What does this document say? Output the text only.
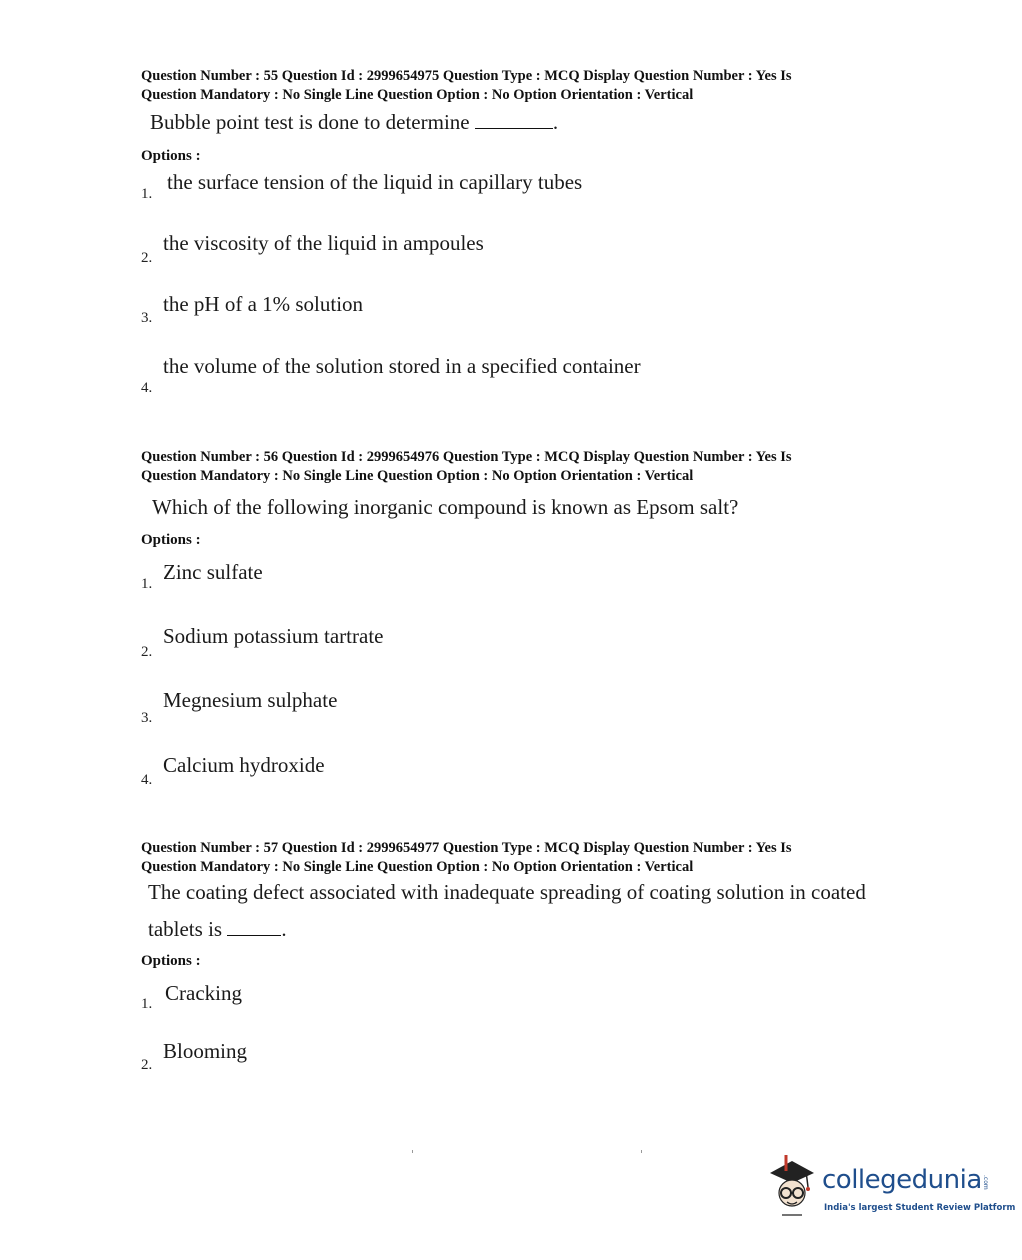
Question Number : 55 Question Id : 2999654975 Question Type : MCQ Display Question Number : Yes Is
Question Mandatory : No Single Line Question Option : No Option Orientation : Vertical
Bubble point test is done to determine	.
Options :
1. the surface tension of the liquid in capillary tubes
2.
the viscosity of the liquid in ampoules
3.
the pH of a 1% solution
4.
the volume of the solution stored in a specified container
Question Number : 56 Question Id : 2999654976 Question Type : MCQ Display Question Number : Yes Is
Question Mandatory : No Single Line Question Option : No Option Orientation : Vertical
Which of the following inorganic compound is known as Epsom salt?
Options :
1. Zinc sulfate
2.
Sodium potassium tartrate
3.
Megnesium sulphate
4.
Calcium hydroxide
Question Number : 57 Question Id : 2999654977 Question Type : MCQ Display Question Number : Yes Is
Question Mandatory : No Single Line Question Option : No Option Orientation : Vertical
The coating defect associated with inadequate spreading of coating solution in coated
tablets is	.
Options :
1. Cracking
2.
Blooming
collegedunia .com
India's largest Student Review Platform
